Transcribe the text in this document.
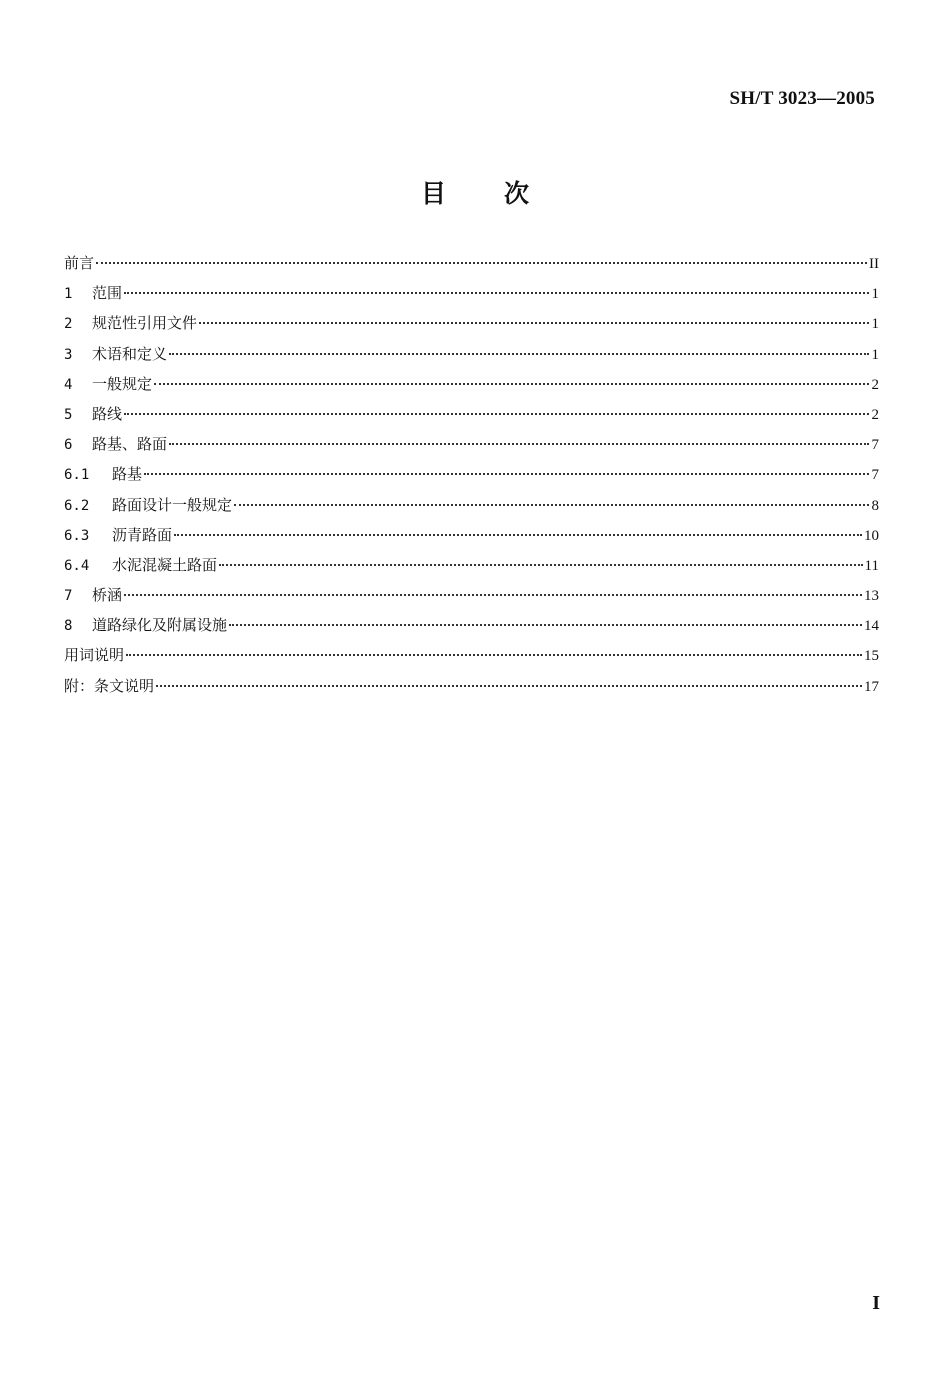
SH/T 3023—2005
目次
前言	II
1	范围	1
2	规范性引用文件	1
3	术语和定义	1
4	一般规定	2
5	路线	2
6	路基、路面	7
6.1	路基	7
6.2	路面设计一般规定	8
6.3	沥青路面	10
6.4	水泥混凝土路面	11
7	桥涵	13
8	道路绿化及附属设施	14
用词说明	15
附：条文说明	17
I
